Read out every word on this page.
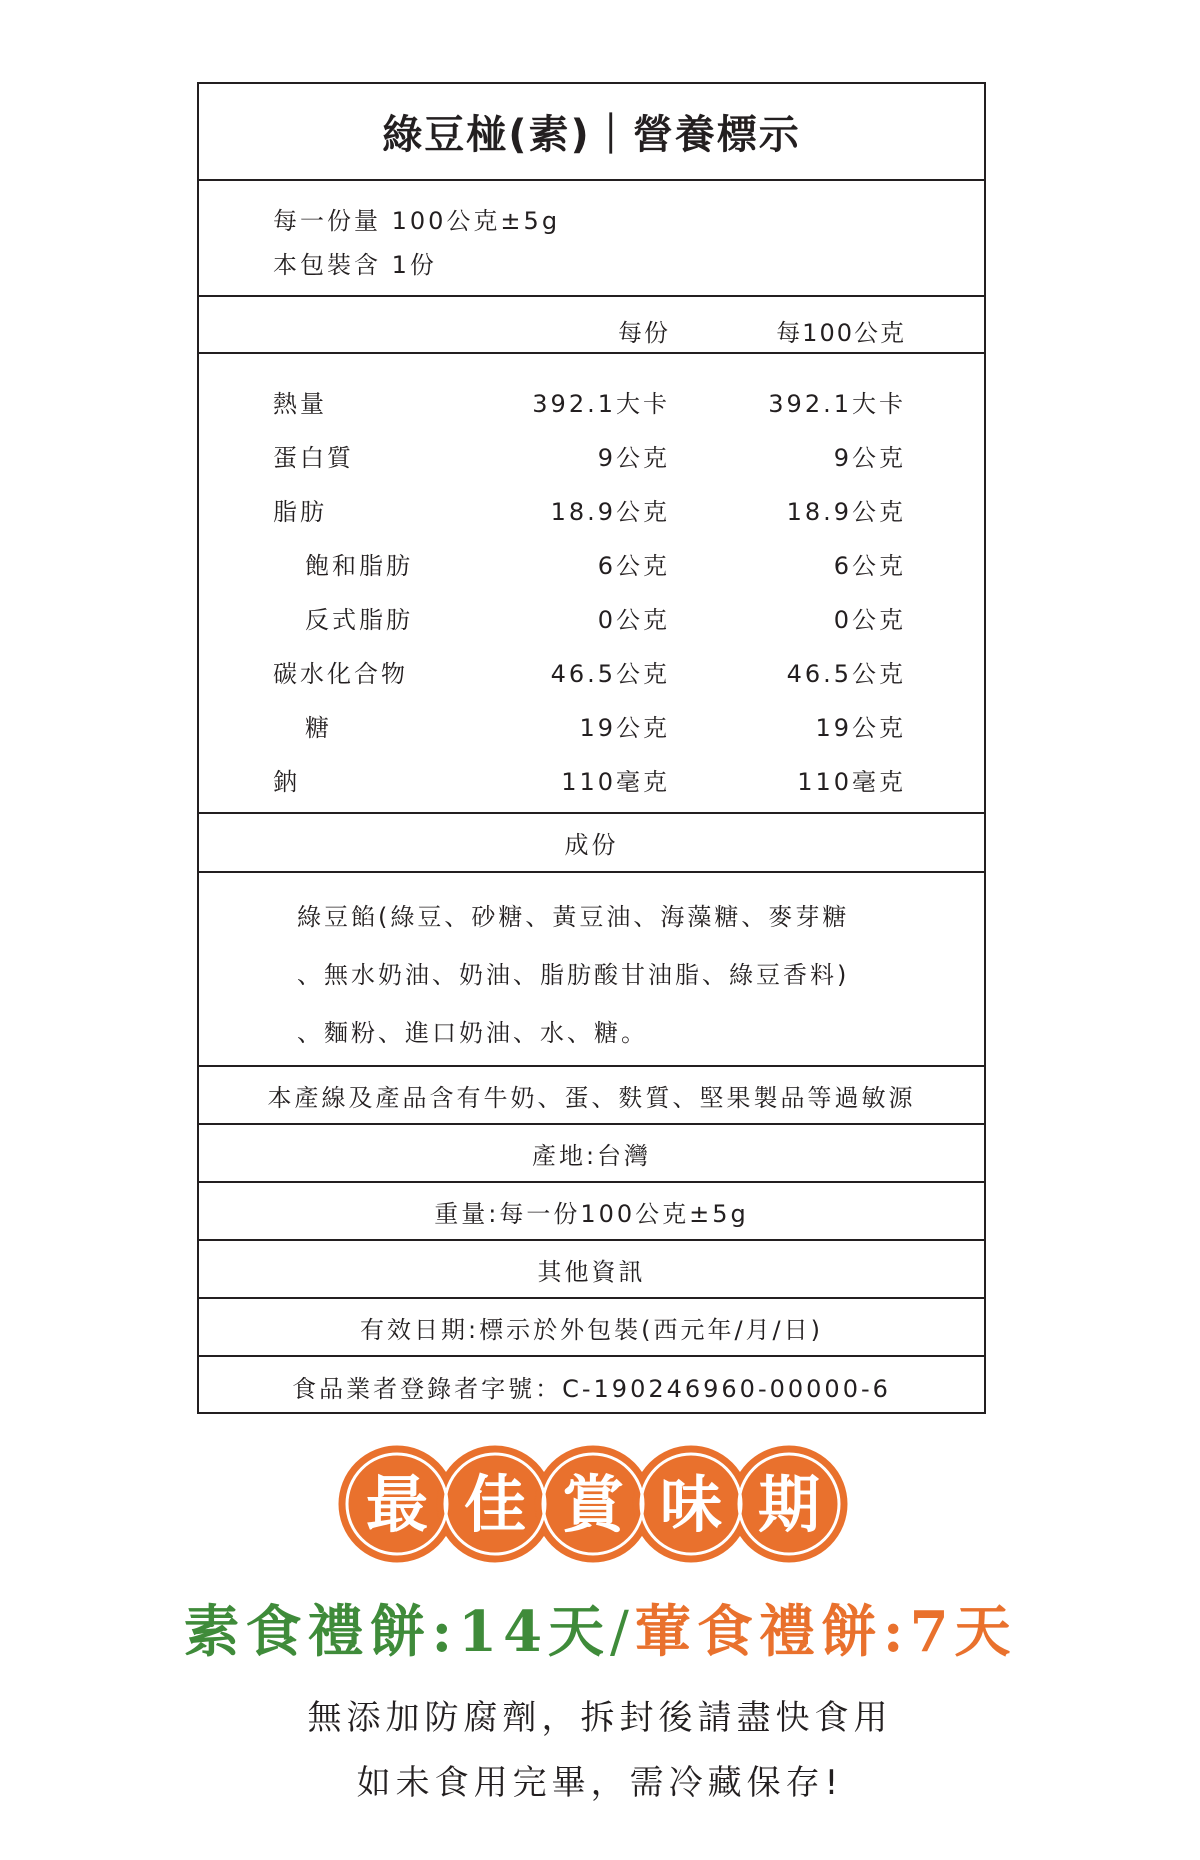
綠豆椪(素)｜營養標示
每一份量 100公克±5g
本包裝含 1份
每份	每100公克
熱量	392.1大卡	392.1大卡
蛋白質	9公克	9公克
脂肪	18.9公克	18.9公克
飽和脂肪	6公克	6公克
反式脂肪	0公克	0公克
碳水化合物	46.5公克	46.5公克
糖	19公克	19公克
鈉	110毫克	110毫克
成份
綠豆餡(綠豆、砂糖、黃豆油、海藻糖、麥芽糖
、無水奶油、奶油、脂肪酸甘油脂、綠豆香料)
、麵粉、進口奶油、水、糖。
本產線及產品含有牛奶、蛋、麩質、堅果製品等過敏源
產地:台灣
重量:每一份100公克±5g
其他資訊
有效日期:標示於外包裝(西元年/月/日)
食品業者登錄者字號：C-190246960-00000-6
最 佳 賞 味 期
素食禮餅:14天/葷食禮餅:7天
無添加防腐劑，拆封後請盡快食用
如未食用完畢，需冷藏保存!
